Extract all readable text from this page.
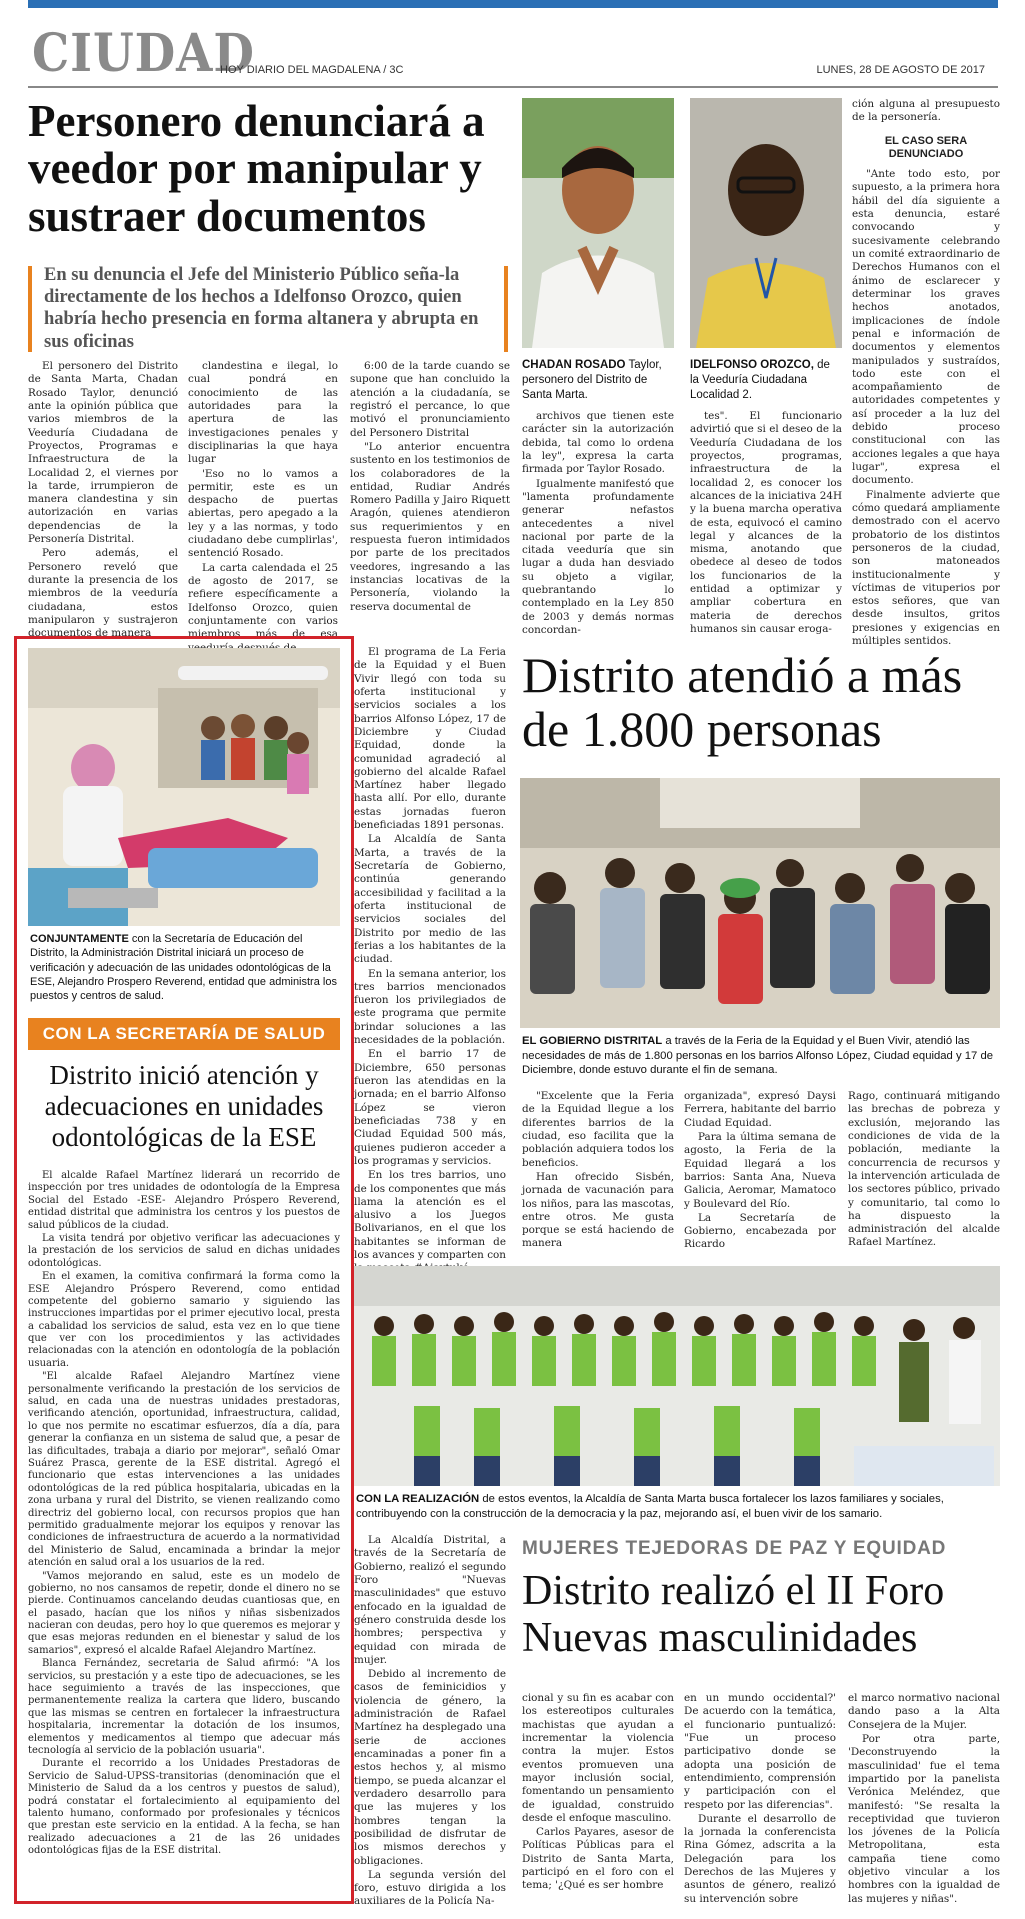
CIUDAD
HOY DIARIO DEL MAGDALENA / 3C	LUNES, 28 DE AGOSTO DE 2017
Personero denunciará a veedor por manipular y sustraer documentos
En su denuncia el Jefe del Ministerio Público seña-la directamente de los hechos a Idelfonso Orozco, quien habría hecho presencia en forma altanera y abrupta en sus oficinas
CHADAN ROSADO Taylor, personero del Distrito de Santa Marta.
IDELFONSO OROZCO, de la Veeduría Ciudadana Localidad 2.

El personero del Distrito de Santa Marta, Chadan Rosado Taylor, denunció ante la opinión pública que varios miembros de la Veeduría Ciudadana de Proyectos, Programas e Infraestructura de la Localidad 2, el viernes por la tarde, irrumpieron de manera clandestina y sin autorización en varias dependencias de la Personería Distrital.

Pero además, el Personero reveló que durante la presencia de los miembros de la veeduría ciudadana, estos manipularon y sustrajeron documentos de manera

clandestina e ilegal, lo cual pondrá en conocimiento de las autoridades para la apertura de las investigaciones penales y disciplinarias la que haya lugar

'Eso no lo vamos a permitir, este es un despacho de puertas abiertas, pero apegado a la ley y a las normas, y todo ciudadano debe cumplirlas', sentenció Rosado.

La carta calendada el 25 de agosto de 2017, se refiere específicamente a Idelfonso Orozco, quien conjuntamente con varios miembros más de esa

6:00 de la tarde cuando se supone que han concluido la atención a la ciudadanía, se registró el percance, lo que motivó el pronunciamiento del Personero Distrital

"Lo anterior encuentra sustento en los testimonios de los colaboradores de la entidad, Rudiar Andrés Romero Padilla y Jairo Riquett Aragón, quienes atendieron sus requerimientos y en respuesta fueron intimidados por parte de los precitados veedores, ingresando a las instancias locativas de la Personería, violando la reserva documental de

archivos que tienen este carácter sin la autorización debida, tal como lo ordena la ley", expresa la carta firmada por Taylor Rosado.

Igualmente manifestó que "lamenta profundamente generar nefastos antecedentes a nivel nacional por parte de la citada veeduría que sin lugar a duda han desviado su objeto a vigilar, quebrantando lo contemplado en la Ley 850 de 2003 y demás normas concordan-

tes". El funcionario advirtió que si el deseo de la Veeduría Ciudadana de los proyectos, programas, infraestructura de la localidad 2, es conocer los alcances de la iniciativa 24H y la buena marcha operativa de esta, equivocó el camino legal y alcances de la misma, anotando que obedece al deseo de todos los funcionarios de la entidad a optimizar y ampliar cobertura en materia de derechos humanos sin causar eroga-

ción alguna al presupuesto de la personería.

EL CASO SERA DENUNCIADO

"Ante todo esto, por supuesto, a la primera hora hábil del día siguiente a esta denuncia, estaré convocando y sucesivamente celebrando un comité extraordinario de Derechos Humanos con el ánimo de esclarecer y determinar los graves hechos anotados, implicaciones de índole penal e información de documentos y elementos manipulados y sustraídos, todo este con el acompañamiento de autoridades competentes y así proceder a la luz del debido proceso constitucional con las acciones legales a que haya lugar", expresa el documento.

Finalmente advierte que cómo quedará ampliamente demostrado con el acervo probatorio de los distintos personeros de la ciudad, son matoneados institucionalmente y víctimas de vituperios por estos señores, que van desde insultos, gritos presiones y exigencias en múltiples sentidos.

CONJUNTAMENTE con la Secretaría de Educación del Distrito, la Administración Distrital iniciará un proceso de verificación y adecuación de las unidades odontológicas de la ESE, Alejandro Prospero Reverend, entidad que administra los puestos y centros de salud.
CON LA SECRETARÍA DE SALUD
Distrito inició atención y adecuaciones en unidades odontológicas de la ESE

El alcalde Rafael Martínez liderará un recorrido de inspección por tres unidades de odontología de la Empresa Social del Estado -ESE- Alejandro Próspero Reverend, entidad distrital que administra los centros y los puestos de salud públicos de la ciudad.

La visita tendrá por objetivo verificar las adecuaciones y la prestación de los servicios de salud en dichas unidades odontológicas.

En el examen, la comitiva confirmará la forma como la ESE Alejandro Próspero Reverend, como entidad competente del gobierno samario y siguiendo las instrucciones impartidas por el primer ejecutivo local, presta a cabalidad los servicios de salud, esta vez en lo que tiene que ver con los procedimientos y las actividades relacionadas con la atención en odontología de la población usuaria.

"El alcalde Rafael Alejandro Martínez viene personalmente verificando la prestación de los servicios de salud, en cada una de nuestras unidades prestadoras, verificando atención, oportunidad, infraestructura, calidad, lo que nos permite no escatimar esfuerzos, día a día, para generar la confianza en un sistema de salud que, a pesar de las dificultades, trabaja a diario por mejorar", señaló Omar Suárez Prasca, gerente de la ESE distrital. Agregó el funcionario que estas intervenciones a las unidades odontológicas de la red pública hospitalaria, ubicadas en la zona urbana y rural del Distrito, se vienen realizando como directriz del gobierno local, con recursos propios que han permitido gradualmente mejorar los equipos y renovar las condiciones de infraestructura de acuerdo a la normatividad del Ministerio de Salud, encaminada a brindar la mejor atención en salud oral a los usuarios de la red.

"Vamos mejorando en salud, este es un modelo de gobierno, no nos cansamos de repetir, donde el dinero no se pierde. Continuamos cancelando deudas cuantiosas que, en el pasado, hacían que los niños y niñas sisbenizados nacieran con deudas, pero hoy lo que queremos es mejorar y que esas mejoras redunden en el bienestar y salud de los samarios", expresó el alcalde Rafael Alejandro Martínez.

Blanca Fernández, secretaria de Salud afirmó: "A los servicios, su prestación y a este tipo de adecuaciones, se les hace seguimiento a través de las inspecciones, que permanentemente realiza la cartera que lidero, buscando que las mismas se centren en fortalecer la infraestructura hospitalaria, incrementar la dotación de los insumos, elementos y medicamentos al tiempo que adecuar más tecnología al servicio de la población usuaria".

Durante el recorrido a los Unidades Prestadoras de Servicio de Salud-UPSS-transitorias (denominación que el Ministerio de Salud da a los centros y puestos de salud), podrá constatar el fortalecimiento al equipamiento del talento humano, conformado por profesionales y técnicos que prestan este servicio en la entidad. A la fecha, se han realizado adecuaciones a 21 de las 26 unidades odontológicas fijas de la ESE distrital.

El programa de La Feria de la Equidad y el Buen Vivir llegó con toda su oferta institucional y servicios sociales a los barrios Alfonso López, 17 de Diciembre y Ciudad Equidad, donde la comunidad agradeció al gobierno del alcalde Rafael Martínez haber llegado hasta allí. Por ello, durante estas jornadas fueron beneficiadas 1891 personas.

La Alcaldía de Santa Marta, a través de la Secretaría de Gobierno, continúa generando accesibilidad y facilitad a la oferta institucional de servicios sociales del Distrito por medio de las ferias a los habitantes de la ciudad.

En la semana anterior, los tres barrios mencionados fueron los privilegiados de este programa que permite brindar soluciones a las necesidades de la población.

En el barrio 17 de Diciembre, 650 personas fueron las atendidas en la jornada; en el barrio Alfonso López se vieron beneficiadas 738 y en Ciudad Equidad 500 más, quienes pudieron acceder a los programas y servicios.

En los tres barrios, uno de los componentes que más llama la atención es el alusivo a los Juegos Bolivarianos, en el que los habitantes se informan de los avances y comparten con

Distrito atendió a más de 1.800 personas
EL GOBIERNO DISTRITAL a través de la Feria de la Equidad y el Buen Vivir, atendió las necesidades de más de 1.800 personas en los barrios Alfonso López, Ciudad equidad y 17 de Diciembre, donde estuvo durante el fin de semana.

"Excelente que la Feria de la Equidad llegue a los diferentes barrios de la ciudad, eso facilita que la población adquiera todos los beneficios.

Han ofrecido Sisbén, jornada de vacunación para los niños, para las mascotas, entre otros. Me gusta porque se está haciendo de manera

organizada", expresó Daysi Ferrera, habitante del barrio Ciudad Equidad.

Para la última semana de agosto, la Feria de la Equidad llegará a los barrios: Santa Ana, Nueva Galicia, Aeromar, Mamatoco y Boulevard del Río.

La Secretaría de Gobierno, encabezada por Ricardo

Rago, continuará mitigando las brechas de pobreza y exclusión, mejorando las condiciones de vida de la población, mediante la concurrencia de recursos y la intervención articulada de los sectores público, privado y comunitario, tal como lo ha dispuesto la administración del alcalde Rafael Martínez.

CON LA REALIZACIÓN de estos eventos, la Alcaldía de Santa Marta busca fortalecer los lazos familiares y sociales, contribuyendo con la construcción de la democracia y la paz, mejorando así, el buen vivir de los samario.

La Alcaldía Distrital, a través de la Secretaría de Gobierno, realizó el segundo Foro "Nuevas masculinidades" que estuvo enfocado en la igualdad de género construida desde los hombres; perspectiva y equidad con mirada de mujer.

Debido al incremento de casos de feminicidios y violencia de género, la administración de Rafael Martínez ha desplegado una serie de acciones encaminadas a poner fin a estos hechos y, al mismo tiempo, se pueda alcanzar el verdadero desarrollo para que las mujeres y los hombres tengan la posibilidad de disfrutar de los mismos derechos y obligaciones.

La segunda versión del foro, estuvo dirigida a los auxiliares de la Policía Na-

MUJERES TEJEDORAS DE PAZ Y EQUIDAD
Distrito realizó el II Foro Nuevas masculinidades

cional y su fin es acabar con los estereotipos culturales machistas que ayudan a incrementar la violencia contra la mujer. Estos eventos promueven una mayor inclusión social, fomentando un pensamiento de igualdad, construido desde el enfoque masculino.

Carlos Payares, asesor de Políticas Públicas para el Distrito de Santa Marta, participó en el foro con el tema; '¿Qué es ser hombre

en un mundo occidental?' De acuerdo con la temática, el funcionario puntualizó: "Fue un proceso participativo donde se adopta una posición de entendimiento, comprensión y participación con el respeto por las diferencias".

Durante el desarrollo de la jornada la conferencista Rina Gómez, adscrita a la Delegación para los Derechos de las Mujeres y asuntos de género, realizó su intervención sobre

el marco normativo nacional dando paso a la Alta Consejera de la Mujer.

Por otra parte, 'Deconstruyendo la masculinidad' fue el tema impartido por la panelista Verónica Meléndez, que manifestó: "Se resalta la receptividad que tuvieron los jóvenes de la Policía Metropolitana, esta campaña tiene como objetivo vincular a los hombres con la igualdad de las mujeres y niñas".
